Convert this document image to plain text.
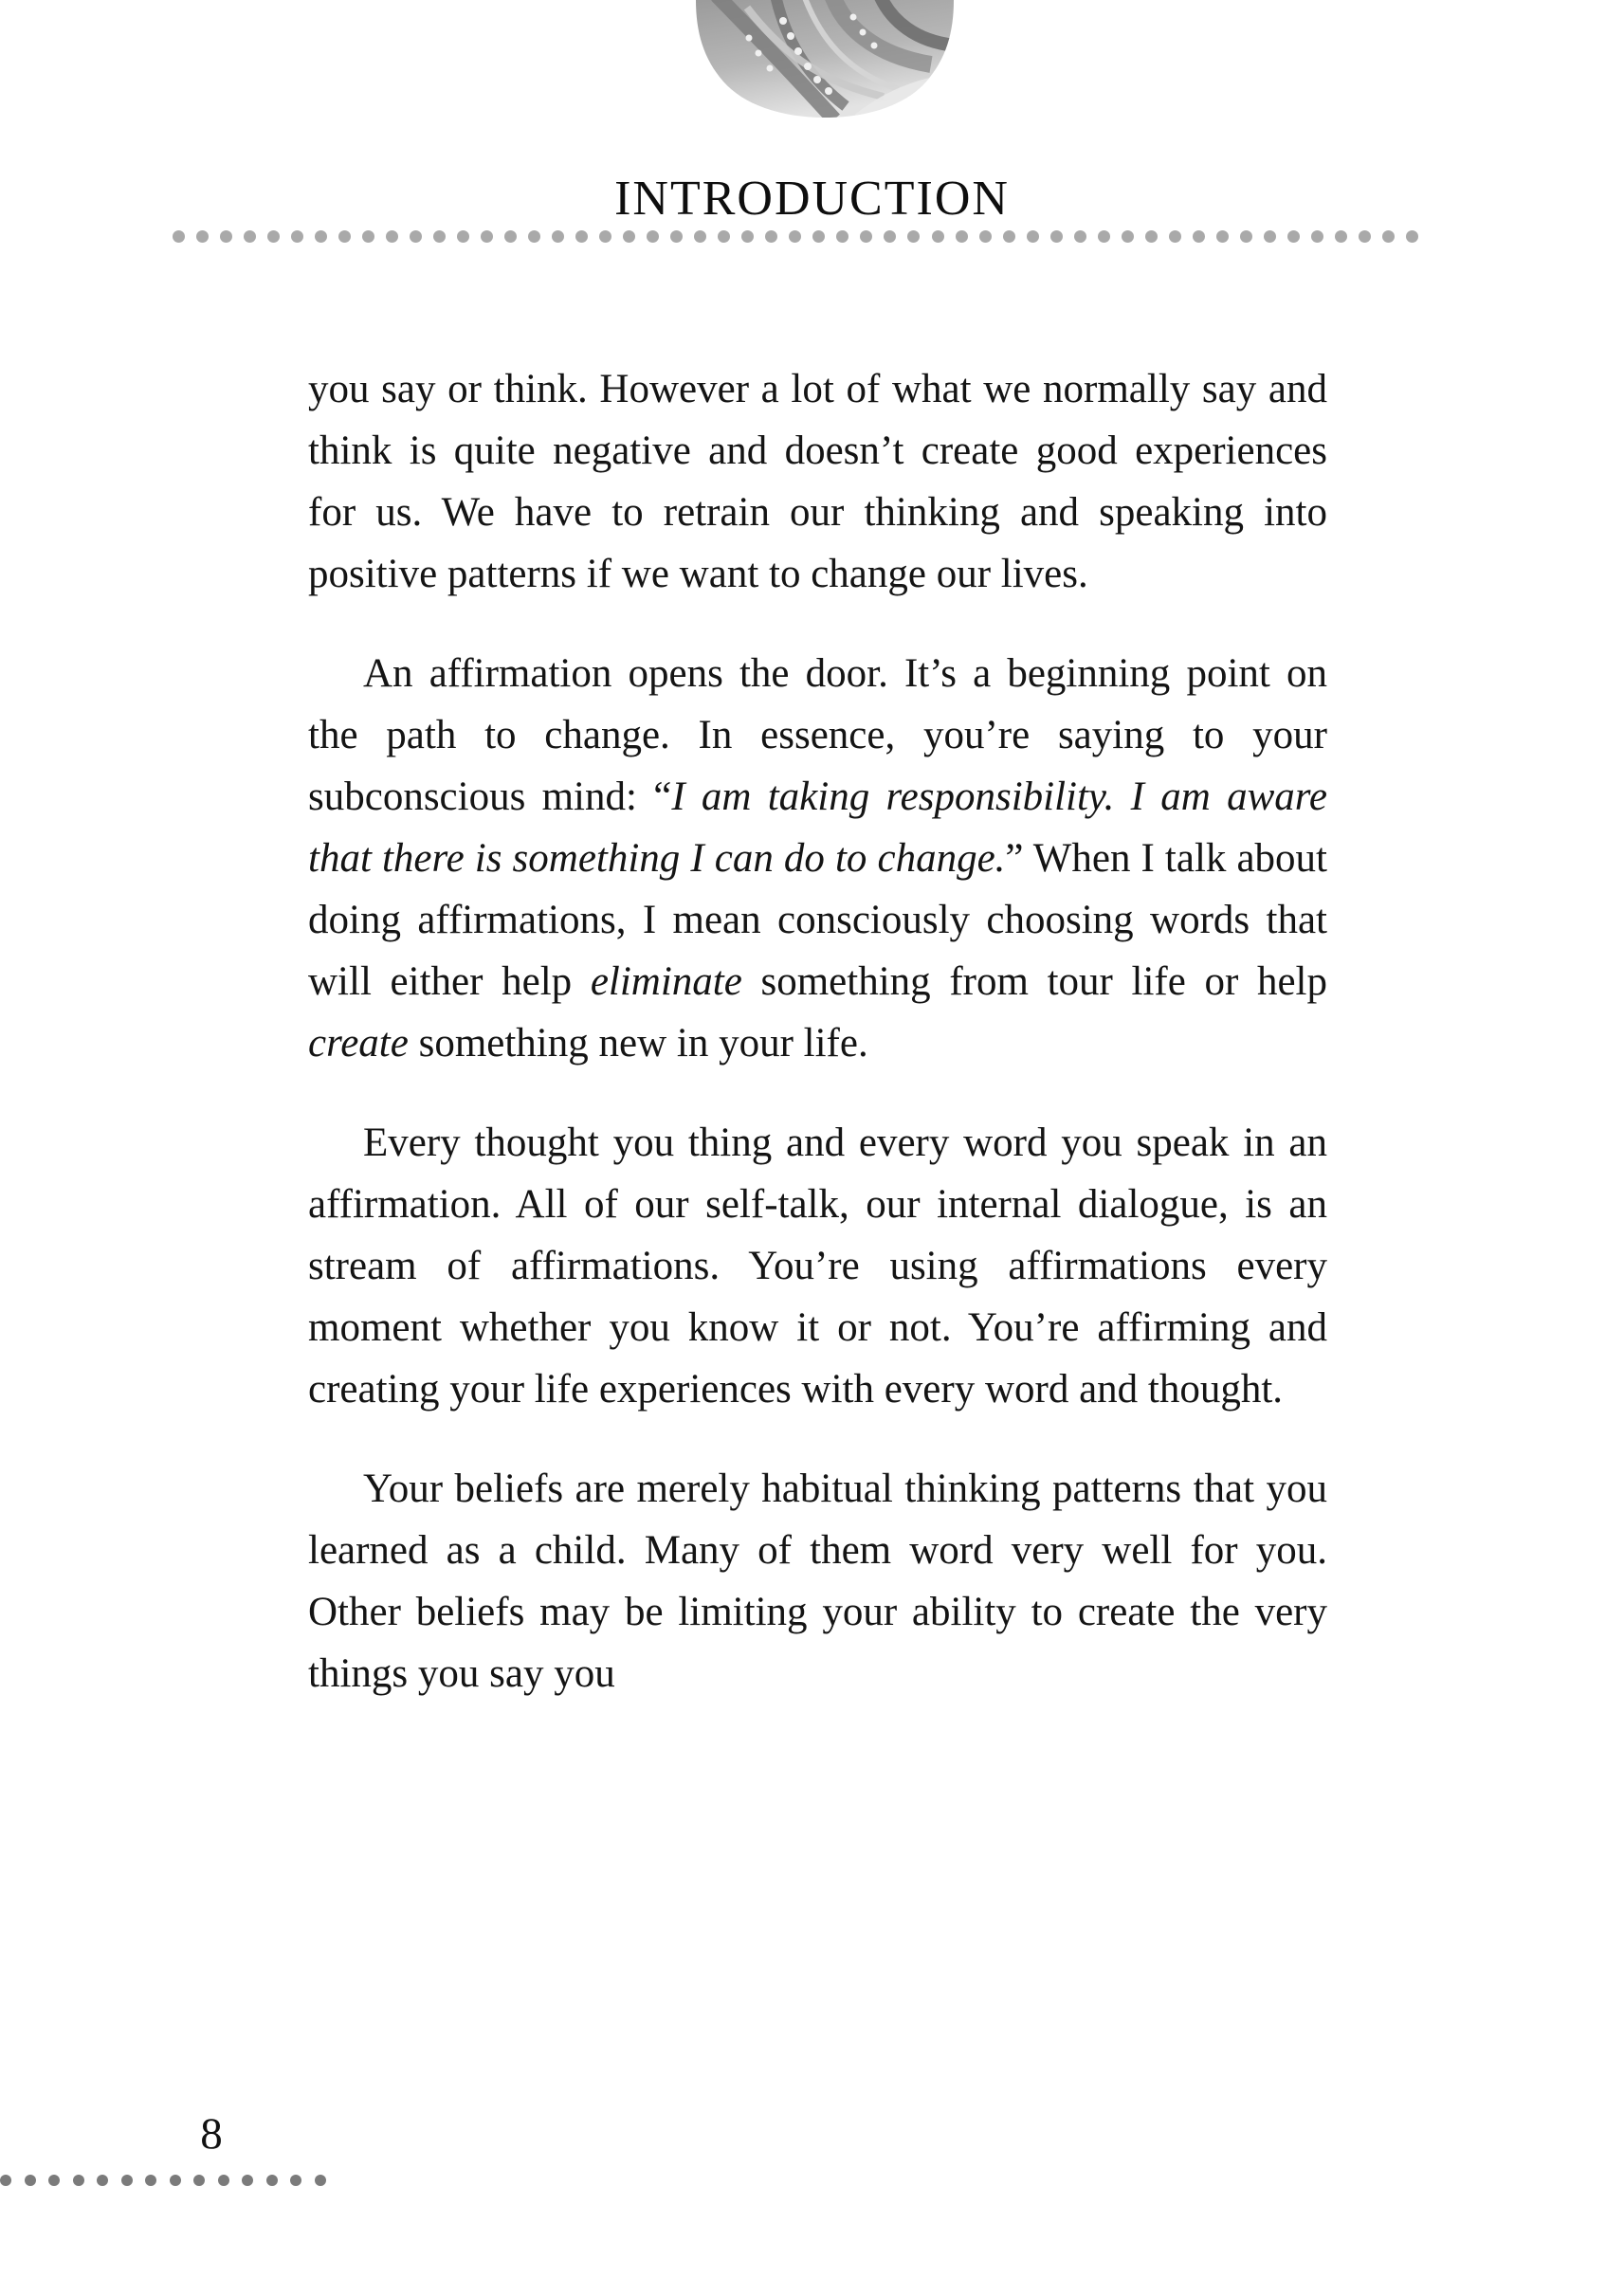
INTRODUCTION

you say or think. However a lot of what we normally say and think is quite negative and doesn’t create good experiences for us. We have to retrain our thinking and speaking into positive patterns if we want to change our lives.

An affirmation opens the door. It’s a beginning point on the path to change. In essence, you’re saying to your subconscious mind: “I am taking responsibility. I am aware that there is something I can do to change.” When I talk about doing affirmations, I mean consciously choosing words that will either help eliminate something from tour life or help create something new in your life.

Every thought you thing and every word you speak in an affirmation. All of our self-talk, our internal dialogue, is an stream of affirmations. You’re using affirmations every moment whether you know it or not. You’re affirming and creating your life experiences with every word and thought.

Your beliefs are merely habitual thinking patterns that you learned as a child. Many of them word very well for you. Other beliefs may be limiting your ability to create the very things you say you

8
